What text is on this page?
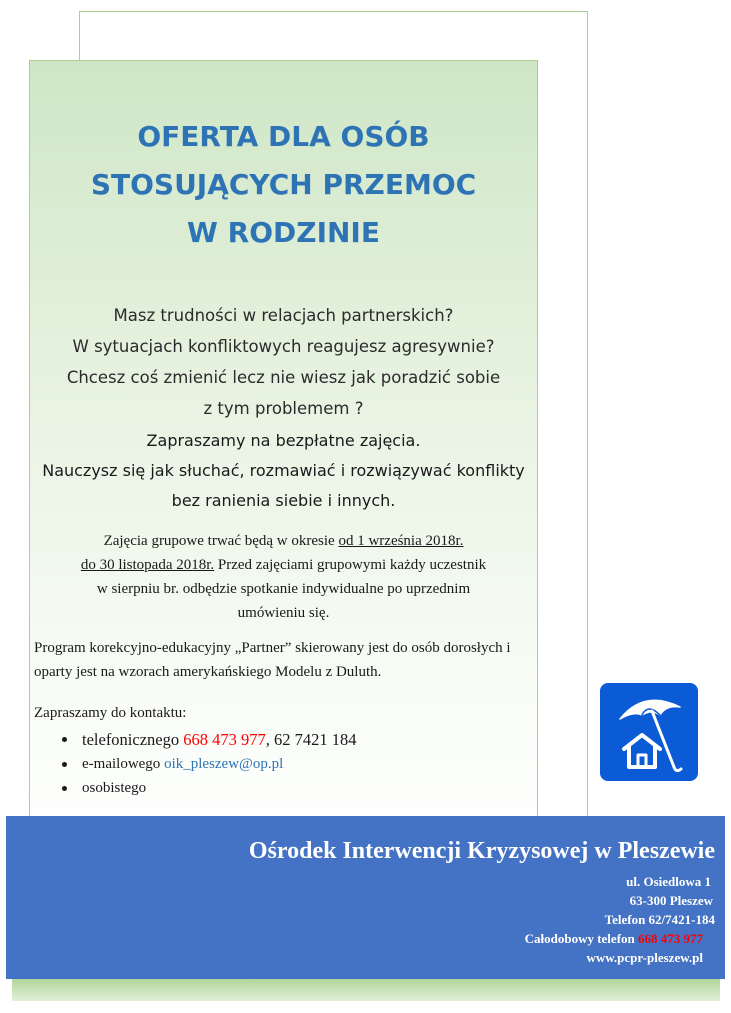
OFERTA DLA OSÓB
STOSUJĄCYCH PRZEMOC
W RODZINIE
Masz trudności w relacjach partnerskich?
W sytuacjach konfliktowych reagujesz agresywnie?
Chcesz coś zmienić lecz nie wiesz jak poradzić sobie
z tym problemem ?
Zapraszamy na bezpłatne zajęcia.
Nauczysz się jak słuchać, rozmawiać i rozwiązywać konflikty
bez ranienia siebie i innych.
Zajęcia grupowe trwać będą w okresie od 1 września 2018r.
do 30 listopada 2018r. Przed zajęciami grupowymi każdy uczestnik
w sierpniu br. odbędzie spotkanie indywidualne po uprzednim
umówieniu się.
Program korekcyjno-edukacyjny „Partner” skierowany jest do osób dorosłych i oparty jest na wzorach amerykańskiego Modelu z Duluth.
Zapraszamy do kontaktu:
telefonicznego 668 473 977, 62 7421 184
e-mailowego oik_pleszew@op.pl
osobistego
Ośrodek Interwencji Kryzysowej w Pleszewie
ul. Osiedlowa 1
63-300 Pleszew
Telefon 62/7421-184
Całodobowy telefon 668 473 977
www.pcpr-pleszew.pl
